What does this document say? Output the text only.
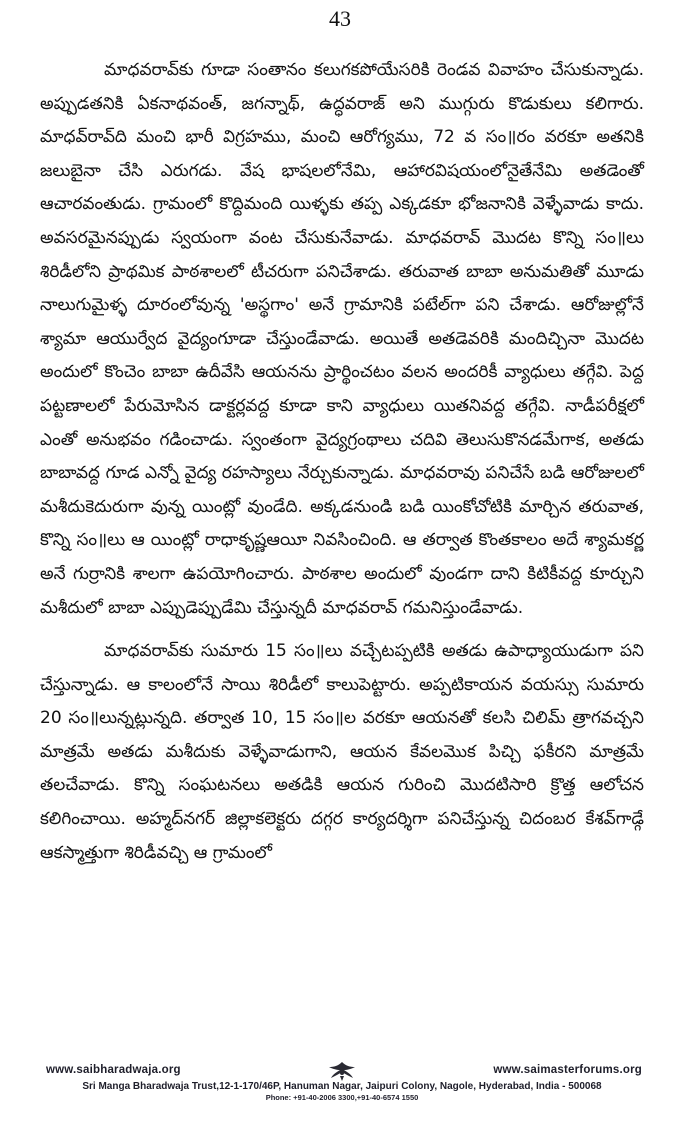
43

మాధవరావ్‌కు గూడా సంతానం కలుగకపోయేసరికి రెండవ వివాహం చేసుకున్నాడు. అప్పుడతనికి ఏకనాథవంత్, జగన్నాథ్, ఉద్ధవరాజ్ అని ముగ్గురు కొడుకులు కలిగారు. మాధవ్‌రావ్‌ది మంచి భారీ విగ్రహము, మంచి ఆరోగ్యము, 72 వ సం॥రం వరకూ అతనికి జలుబైనా చేసి ఎరుగడు. వేష భాషలలోనేమి, ఆహారవిషయంలోనైతేనేమి అతడెంతో ఆచారవంతుడు. గ్రామంలో కొద్దిమంది యిళ్ళకు తప్ప ఎక్కడకూ భోజనానికి వెళ్ళేవాడు కాదు. అవసరమైనప్పుడు స్వయంగా వంట చేసుకునేవాడు. మాధవరావ్ మొదట కొన్ని సం॥లు శిరిడీలోని ప్రాథమిక పాఠశాలలో టీచరుగా పనిచేశాడు. తరువాత బాబా అనుమతితో మూడు నాలుగుమైళ్ళ దూరంలోవున్న 'అస్థగాం' అనే గ్రామానికి పటేల్‌గా పని చేశాడు. ఆరోజుల్లోనే శ్యామా ఆయుర్వేద వైద్యంగూడా చేస్తుండేవాడు. అయితే అతడెవరికి మందిచ్చినా మొదట అందులో కొంచెం బాబా ఉదీవేసి ఆయనను ప్రార్థించటం వలన అందరికీ వ్యాధులు తగ్గేవి. పెద్ద పట్టణాలలో పేరుమోసిన డాక్టర్లవద్ద కూడా కాని వ్యాధులు యితనివద్ద తగ్గేవి. నాడీపరీక్షలో ఎంతో అనుభవం గడించాడు. స్వంతంగా వైద్యగ్రంథాలు చదివి తెలుసుకొనడమేగాక, అతడు బాబావద్ద గూడ ఎన్నో వైద్య రహస్యాలు నేర్చుకున్నాడు. మాధవరావు పనిచేసే బడి ఆరోజులలో మశీదుకెదురుగా వున్న యింట్లో వుండేది. అక్కడనుండి బడి యింకోచోటికి మార్చిన తరువాత, కొన్ని సం॥లు ఆ యింట్లో రాధాకృష్ణఆయీ నివసించింది. ఆ తర్వాత కొంతకాలం అదే శ్యామకర్ణ అనే గుర్రానికి శాలగా ఉపయోగించారు. పాఠశాల అందులో వుండగా దాని కిటికీవద్ద కూర్చుని మశీదులో బాబా ఎప్పుడెప్పుడేమి చేస్తున్నదీ మాధవరావ్ గమనిస్తుండేవాడు.

మాధవరావ్‌కు సుమారు 15 సం॥లు వచ్చేటప్పటికి అతడు ఉపాధ్యాయుడుగా పని చేస్తున్నాడు. ఆ కాలంలోనే సాయి శిరిడీలో కాలుపెట్టారు. అప్పటికాయన వయస్సు సుమారు 20 సం॥లున్నట్లున్నది. తర్వాత 10, 15 సం॥ల వరకూ ఆయనతో కలసి చిలిమ్ త్రాగవచ్చని మాత్రమే అతడు మశీదుకు వెళ్ళేవాడుగాని, ఆయన కేవలమొక పిచ్చి ఫకీరని మాత్రమే తలచేవాడు. కొన్ని సంఘటనలు అతడికి ఆయన గురించి మొదటిసారి క్రొత్త ఆలోచన కలిగించాయి. అహ్మద్‌నగర్ జిల్లాకలెక్టరు దగ్గర కార్యదర్శిగా పనిచేస్తున్న చిదంబర కేశవ్‌గాడ్గే ఆకస్మాత్తుగా శిరిడీవచ్చి ఆ గ్రామంలో

www.saibharadwaja.org	www.saimasterforums.org
Sri Manga Bharadwaja Trust,12-1-170/46P, Hanuman Nagar, Jaipuri Colony, Nagole, Hyderabad, India - 500068
Phone: +91-40-2006 3300,+91-40-6574 1550
